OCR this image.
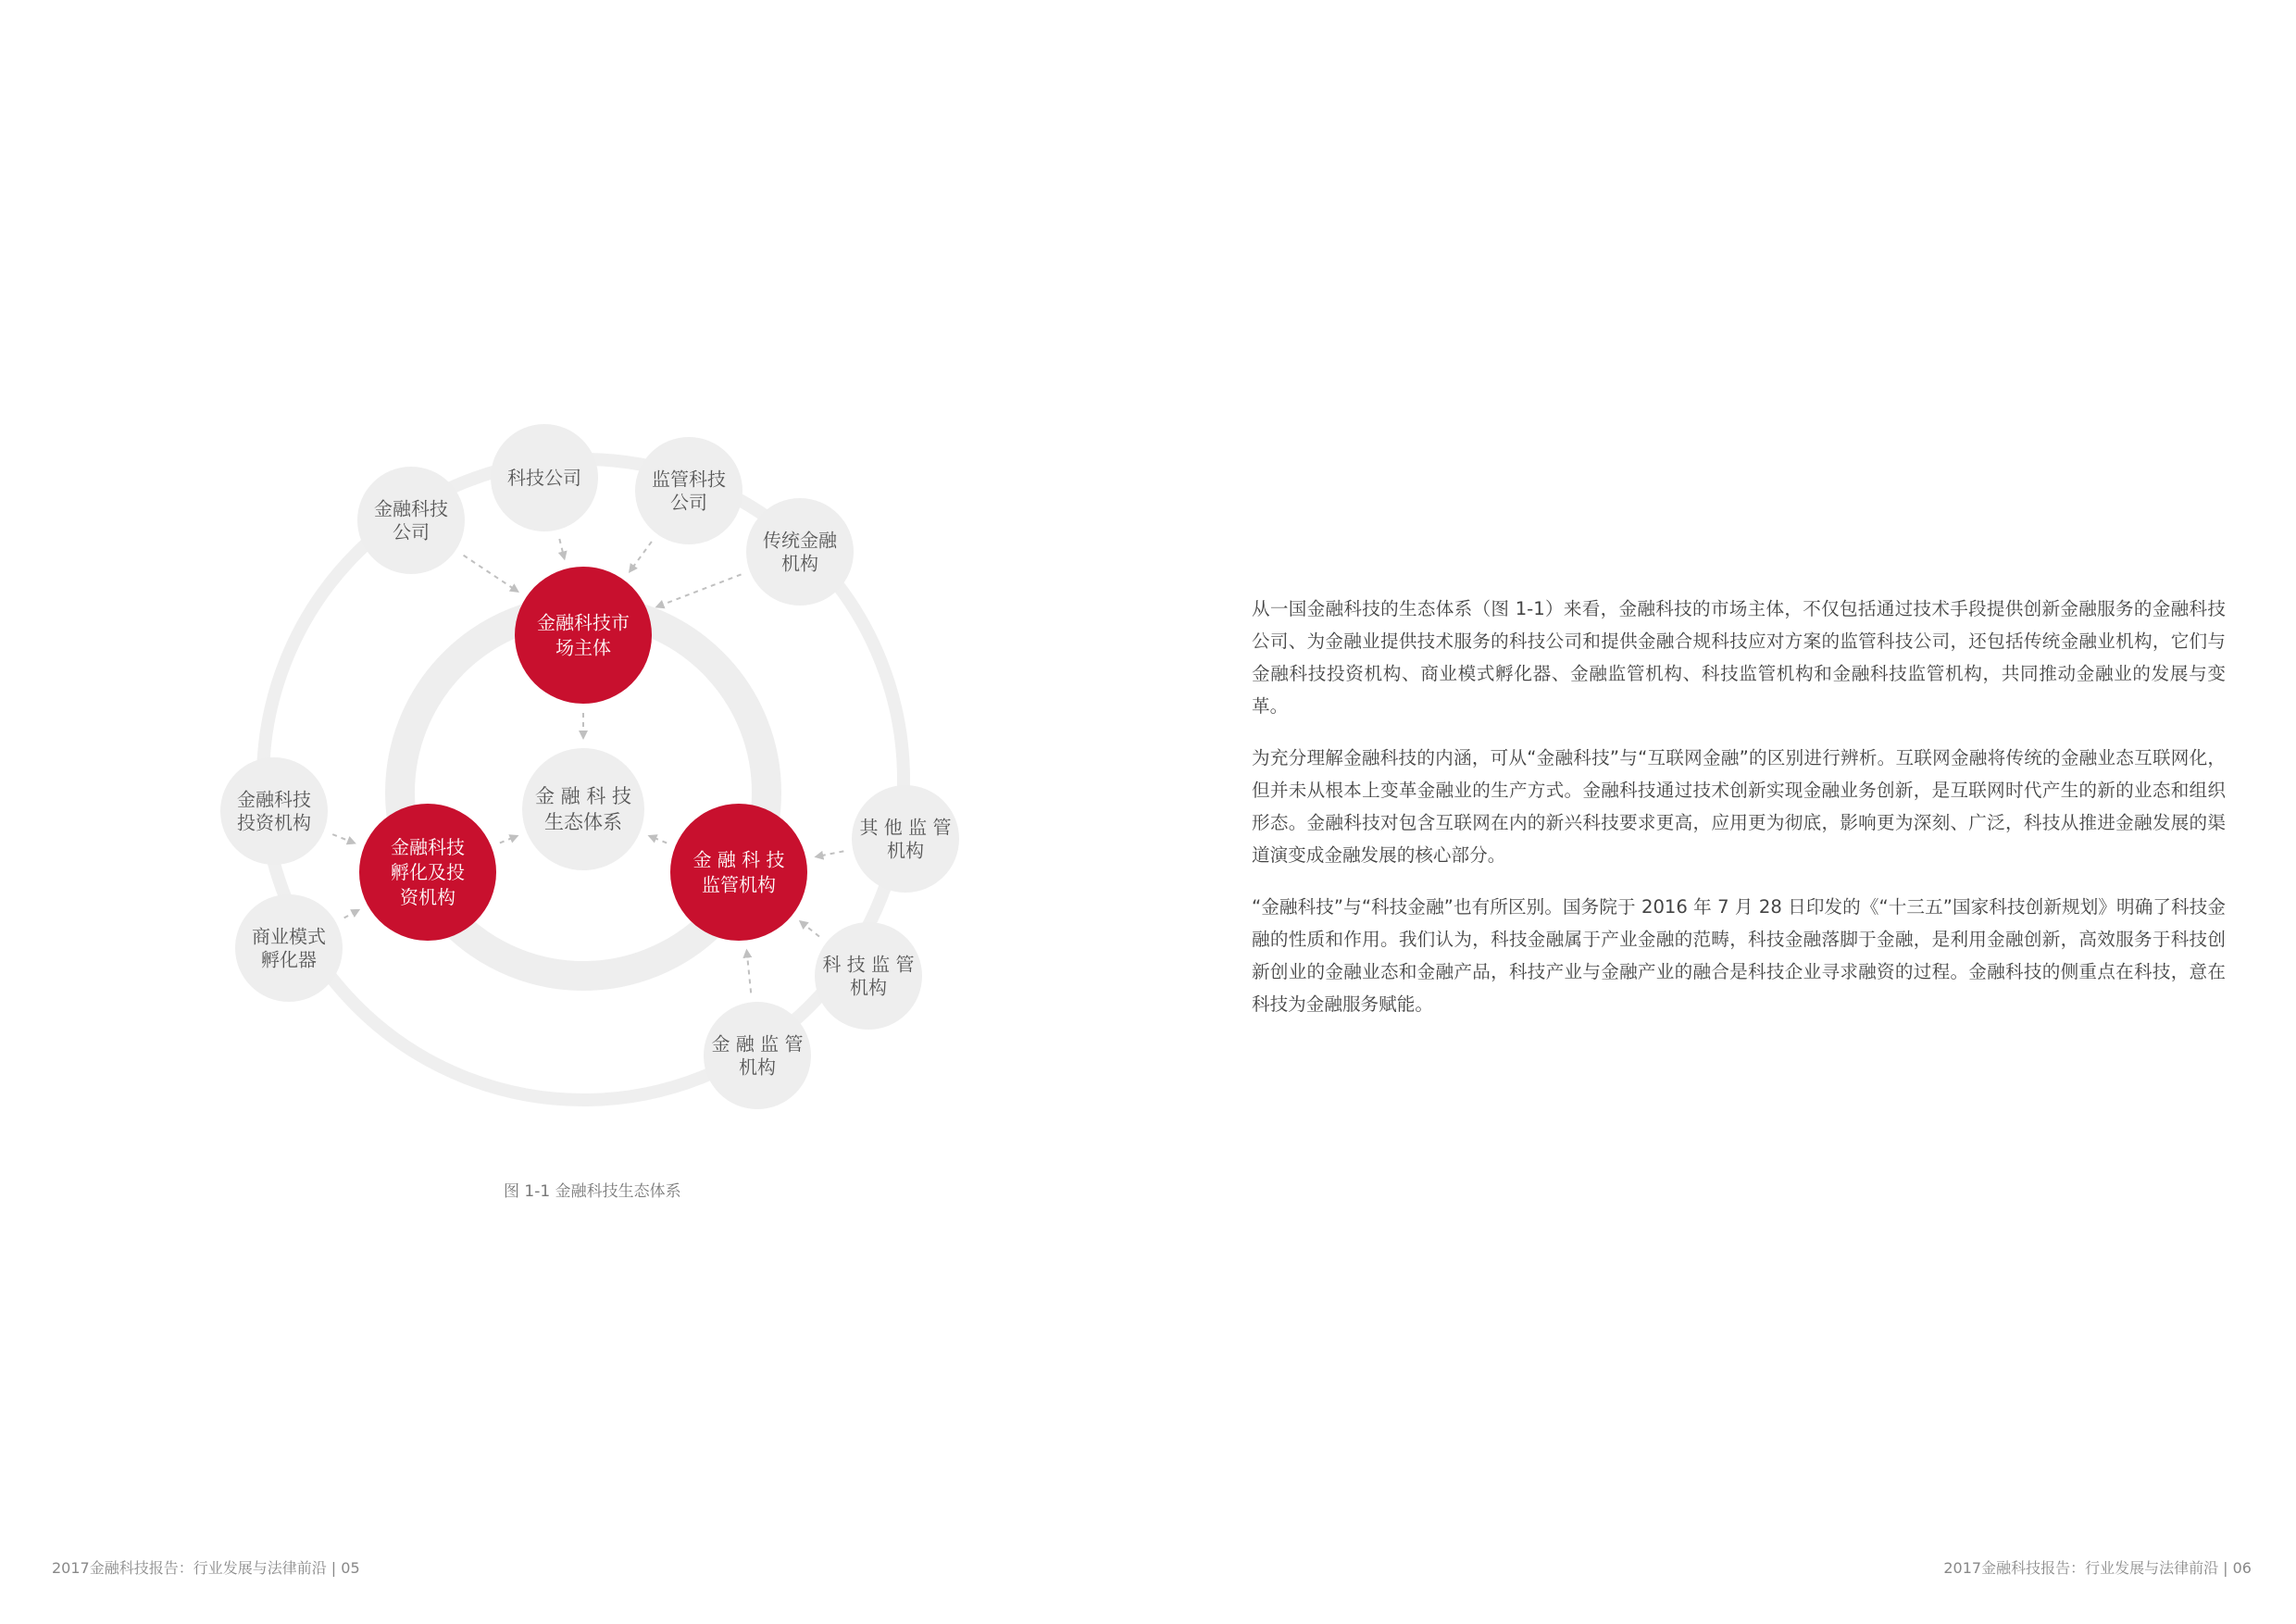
金 融 科 技
生态体系
金融科技
公司
科技公司	监管科技
公司
传统金融
机构
金融科技
投资机构
商业模式
孵化器
其 他 监 管
机构
科 技 监 管
机构
金 融 监 管
机构
金融科技市
场主体
金融科技
孵化及投
资机构
金 融 科 技
监管机构
图 1-1 金融科技生态体系

从一国金融科技的生态体系（图 1-1）来看，金融科技的市场主体，不仅包括通过技术手段提供创新金融服务的金融科技公司、为金融业提供技术服务的科技公司和提供金融合规科技应对方案的监管科技公司，还包括传统金融业机构，它们与金融科技投资机构、商业模式孵化器、金融监管机构、科技监管机构和金融科技监管机构，共同推动金融业的发展与变革。

为充分理解金融科技的内涵，可从“金融科技”与“互联网金融”的区别进行辨析。互联网金融将传统的金融业态互联网化，但并未从根本上变革金融业的生产方式。金融科技通过技术创新实现金融业务创新，是互联网时代产生的新的业态和组织形态。金融科技对包含互联网在内的新兴科技要求更高，应用更为彻底，影响更为深刻、广泛，科技从推进金融发展的渠道演变成金融发展的核心部分。

“金融科技”与“科技金融”也有所区别。国务院于 2016 年 7 月 28 日印发的《“十三五”国家科技创新规划》明确了科技金融的性质和作用。我们认为，科技金融属于产业金融的范畴，科技金融落脚于金融，是利用金融创新，高效服务于科技创新创业的金融业态和金融产品，科技产业与金融产业的融合是科技企业寻求融资的过程。金融科技的侧重点在科技，意在科技为金融服务赋能。

2017金融科技报告：行业发展与法律前沿 | 05	2017金融科技报告：行业发展与法律前沿 | 06
